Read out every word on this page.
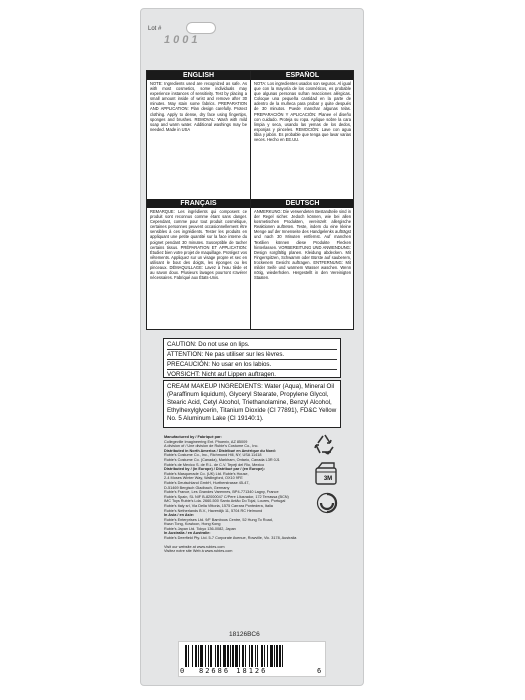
Lot #
1001
ENGLISH
NOTE: Ingredients used are recognized as safe. As with most cosmetics, some individuals may experience instances of sensitivity. Test by placing a small amount inside of wrist and remove after 30 minutes. May stain some fabrics. PREPARATION AND APPLICATION: Plan design carefully. Protect clothing. Apply to dense, dry face using fingertips, sponges and brushes. REMOVAL: Wash with mild soap and warm water. Additional washings may be needed. Made in USA
ESPAÑOL
NOTA: Los ingredientes usados son seguros. Al igual que con la mayoría de los cosméticos, es probable que algunas personas sufran reacciones alérgicas. Coloque una pequeña cantidad en la parte de adentro de la muñeca para probar y quite después de 30 minutos. Puede manchar algunas telas. PREPARACIÓN Y APLICACIÓN: Planee el diseño con cuidado. Proteja su ropa. Aplique sobre la cara limpia y seca, usando las yemas de los dedos, esponjas y pinceles. REMOCIÓN: Lave con agua tibia y jabón. Es probable que tenga que lavar varias veces. Hecho en EE.UU.
FRANÇAIS
REMARQUE: Les ingrédients qui composent ce produit sont reconnus comme étant sans danger. Cependant, comme pour tout produit cosmétique, certaines personnes peuvent occasionnellement être sensibles à ces ingrédients. Tester les produits en appliquant une petite quantité sur la face interne du poignet pendant 30 minutes. Susceptible de tacher certains tissus. PRÉPARATION ET APPLICATION: Étudiez bien votre projet de maquillage. Protégez vos vêtements. Appliquez sur un visage propre et sec en utilisant le bout des doigts, les éponges ou les pinceaux. DÉMAQUILLAGE: Lavez à l'eau tiède et au savon doux. Plusieurs lavages pourront s'avérer nécessaires. Fabriqué aux États-Unis.
DEUTSCH
ANMERKUNG: Die verwendeten Bestandteile sind in der Regel sicher. Jedoch können, wie bei allen kosmetischen Produkten, vereinzelt allergische Reaktionen auftreten. Teste, indem du eine kleine Menge auf der Innenseite des Handgelenks aufträgst und nach 30 Minuten entfernst. Auf manchen Textilien können diese Produkte Flecken hinterlassen. VORBEREITUNG UND ANWENDUNG: Design sorgfältig planen. Kleidung abdecken. Mit Fingerspitzen, Schwamm oder Bürste auf sauberem, trockenem Gesicht auftragen. ENTFERNUNG: Mit milder Seife und warmem Wasser waschen. Wenn nötig, wiederholen. Hergestellt in den Vereinigten Staaten.
CAUTION: Do not use on lips.
ATTENTION: Ne pas utiliser sur les lèvres.
PRECAUCIÓN: No usar en los labios.
VORSICHT: Nicht auf Lippen auftragen.
CREAM MAKEUP INGREDIENTS: Water (Aqua), Mineral Oil (Paraffinum liquidum), Glyceryl Stearate, Propylene Glycol, Stearic Acid, Cetyl Alcohol, Triethanolamine, Benzyl Alcohol, Ethylhexylglycerin, Titanium Dioxide (CI 77891), FD&C Yellow No. 5 Aluminum Lake (CI 19140:1).
Manufactured by / Fabriqué par:
Collegeville Imagineering Ent. Phoenix, AZ 85009
A division of / Une division de Rubie's Costume Co., Inc.
Distributed in North America / Distribué en Amérique du Nord:
Rubie's Costume Co., Inc., Richmond Hill, NY, USA 11418
Rubie's Costume Co. (Canada), Markham, Ontario, Canada L3R 0J1
Rubie's de Mexico S. de R.L. de C.V. Tepeji del Rio, Mexico
Distributed by / (in Europe) / Distribué par / (en Europe):
Rubie's Masquerade Co. (UK) Ltd. Rubie's House,
2-4 Moses Winter Way, Wallingford, OX10 9FE
Rubie's Deutschland GmbH, Hurtherstrasse 45-47,
D-51469 Bergisch Gladbach, Germany
Rubie's France, Les Grandes Varennes, BP4-771340 Lagny, France
Rubie's Spain, SL NIF B-82000047 C/Pere Lliusrador, 172 Terrassa (BCN)
IMC Toys Rubie's Lda. 2660-500 Santo Antão Do Tojal, Loures, Portugal
Rubie's Italy srl, Via Della Vittoria, 1575 Carrara Pontedera, Italia
Rubie's Netherlands B.V., Haverdijk 11, 5704 RC Helmond
In Asia / en Asie:
Rubie's Enterprises Ltd. 9/F Bamboos Centre, 52 Hung To Road,
Kwun Tong, Kowloon, Hong Kong
Rubie's Japan Ltd. Tokyo 136-0082, Japan
In Australia / en Australie:
Rubie's Deerfield Pty. Ltd. 5-7 Corporate Avenue, Rowville, Vic. 3178, Australia
Visit our website at www.rubies.com
Visitez notre site Web à www.rubies.com
3M
18126BC6
0 82686 18126	6
